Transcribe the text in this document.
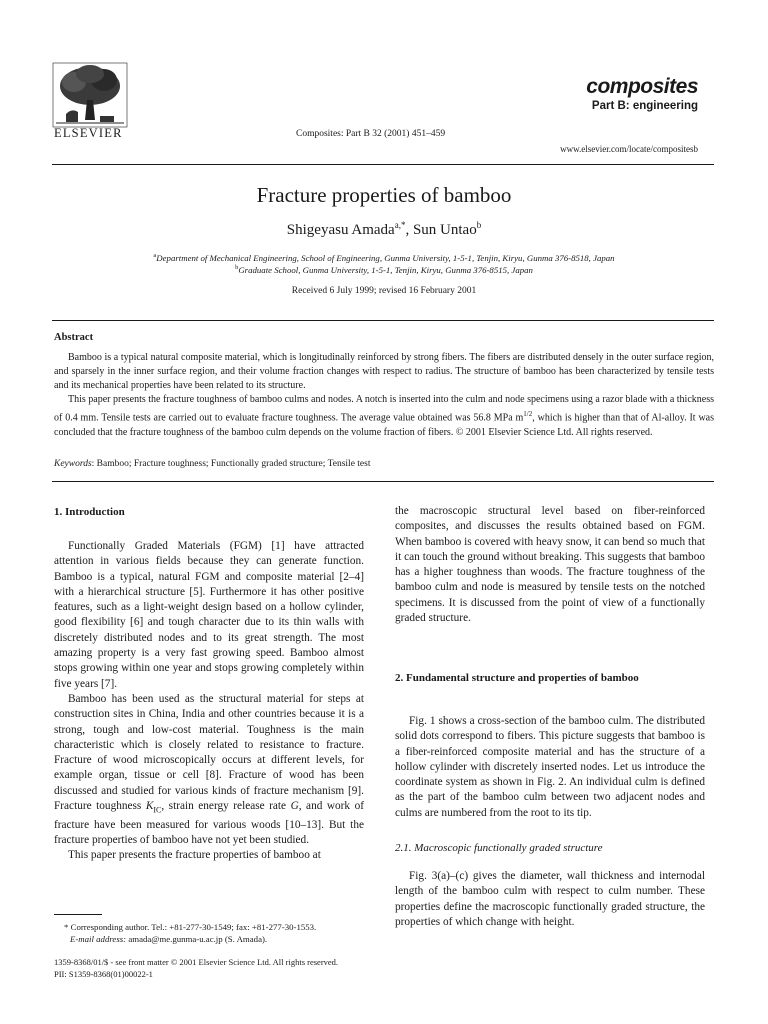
ELSEVIER	Composites: Part B 32 (2001) 451–459
composites
Part B: engineering
www.elsevier.com/locate/compositesb
Fracture properties of bamboo
Shigeyasu Amada$^{a,*}$, Sun Untao$^b$
$^a$Department of Mechanical Engineering, School of Engineering, Gunma University, 1-5-1, Tenjin, Kiryu, Gunma 376-8518, Japan
$^b$Graduate School, Gunma University, 1-5-1, Tenjin, Kiryu, Gunma 376-8515, Japan
Received 6 July 1999; revised 16 February 2001
Abstract

Bamboo is a typical natural composite material, which is longitudinally reinforced by strong fibers. The fibers are distributed densely in the outer surface region, and sparsely in the inner surface region, and their volume fraction changes with respect to radius. The structure of bamboo has been characterized by tensile tests and its mechanical properties have been related to its structure.

This paper presents the fracture toughness of bamboo culms and nodes. A notch is inserted into the culm and node specimens using a razor blade with a thickness of 0.4 mm. Tensile tests are carried out to evaluate fracture toughness. The average value obtained was 56.8 MPa $m^{1/2}$, which is higher than that of Al-alloy. It was concluded that the fracture toughness of the bamboo culm depends on the volume fraction of fibers. © 2001 Elsevier Science Ltd. All rights reserved.

Keywords: Bamboo; Fracture toughness; Functionally graded structure; Tensile test
1. Introduction

Functionally Graded Materials (FGM) [1] have attracted attention in various fields because they can generate function. Bamboo is a typical, natural FGM and composite material [2–4] with a hierarchical structure [5]. Furthermore it has other positive features, such as a light-weight design based on a hollow cylinder, good flexibility [6] and tough character due to its thin walls with discretely distributed nodes and to its great strength. The most amazing property is a very fast growing speed. Bamboo almost stops growing within one year and stops growing completely within five years [7].

Bamboo has been used as the structural material for steps at construction sites in China, India and other countries because it is a strong, tough and low-cost material. Toughness is the main characteristic which is closely related to resistance to fracture. Fracture of wood microscopically occurs at different levels, for example organ, tissue or cell [8]. Fracture of wood has been discussed and studied for various kinds of fracture mechanism [9]. Fracture toughness $K_{IC}$, strain energy release rate G, and work of fracture have been measured for various woods [10–13]. But the fracture properties of bamboo have not yet been studied.

This paper presents the fracture properties of bamboo at

the macroscopic structural level based on fiber-reinforced composites, and discusses the results obtained based on FGM. When bamboo is covered with heavy snow, it can bend so much that it can touch the ground without breaking. This suggests that bamboo has a higher toughness than woods. The fracture toughness of the bamboo culm and node is measured by tensile tests on the notched specimens. It is discussed from the point of view of a functionally graded structure.

2. Fundamental structure and properties of bamboo

Fig. 1 shows a cross-section of the bamboo culm. The distributed solid dots correspond to fibers. This picture suggests that bamboo is a fiber-reinforced composite material and has the structure of a hollow cylinder with discretely inserted nodes. Let us introduce the coordinate system as shown in Fig. 2. An individual culm is defined as the part of the bamboo culm between two adjacent nodes and culms are numbered from the root to its tip.

2.1. Macroscopic functionally graded structure

Fig. 3(a)–(c) gives the diameter, wall thickness and internodal length of the bamboo culm with respect to culm number. These properties define the macroscopic functionally graded structure, the properties of which change with height.

* Corresponding author. Tel.: +81-277-30-1549; fax: +81-277-30-1553.
E-mail address: amada@me.gunma-u.ac.jp (S. Amada).
1359-8368/01/$ - see front matter © 2001 Elsevier Science Ltd. All rights reserved.
PII: S1359-8368(01)00022-1
